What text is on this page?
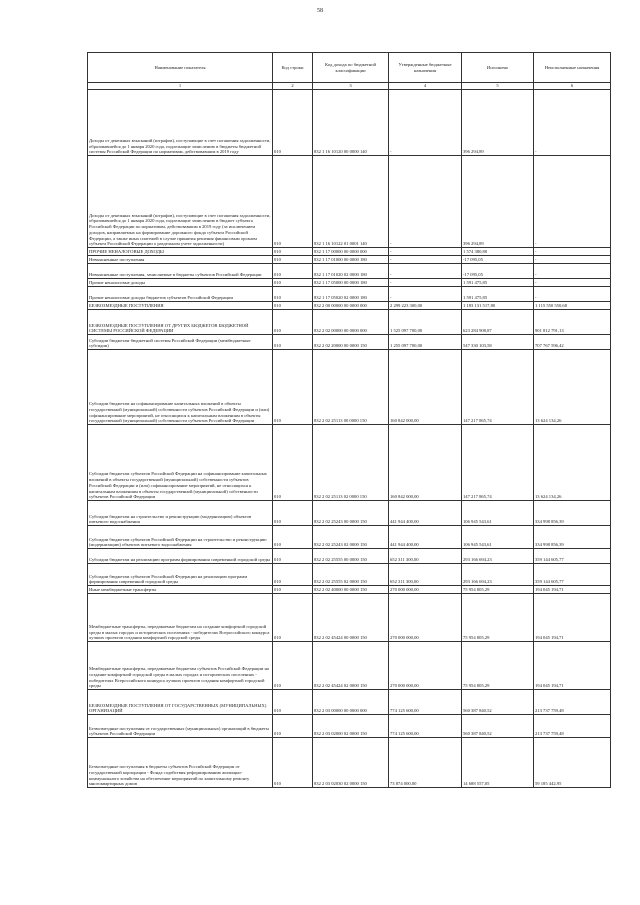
58
Наименование показателя	Код строки	Код дохода по бюджетной классификации	Утвержденные бюджетные назначения	Исполнено	Неисполненные назначения
1	2	3	4	5	6
Доходы от денежных взысканий (штрафов), поступающие в счет погашения задолженности, образовавшейся до 1 января 2020 года, подлежащие зачислению в бюджеты бюджетной системы Российской Федерации по нормативам, действовавшим в 2019 году	010	832 1 16 10120 00 0000 140	-	396 294,89	-
Доходы от денежных взысканий (штрафов), поступающие в счет погашения задолженности, образовавшейся до 1 января 2020 года, подлежащие зачислению в бюджет субъекта Российской Федерации по нормативам, действовавшим в 2019 году (за исключением доходов, направляемых на формирование дорожного фонда субъекта Российской Федерации, а также иных платежей в случае принятия решения финансовым органом субъекта Российской Федерации о раздельном учете задолженности)	010	832 1 16 10122 01 0001 140	-	396 294,89	-
ПРОЧИЕ НЕНАЛОГОВЫЕ ДОХОДЫ	010	832 1 17 00000 00 0000 000	-	1 574 380,80	-
Невыясненные поступления	010	832 1 17 01000 00 0000 180	-	-17 095,05	-
Невыясненные поступления, зачисляемые в бюджеты субъектов Российской Федерации	010	832 1 17 01020 02 0000 180	-	-17 095,05	-
Прочие неналоговые доходы	010	832 1 17 05000 00 0000 180	-	1 591 475,85	-
Прочие неналоговые доходы бюджетов субъектов Российской Федерации	010	832 1 17 05020 02 0000 180	-	1 591 475,85	-
БЕЗВОЗМЕЗДНЫЕ ПОСТУПЛЕНИЯ	010	832 2 00 00000 00 0000 000	2 299 223 300,00	1 183 131 517,80	1 115 550 550,68
БЕЗВОЗМЕЗДНЫЕ ПОСТУПЛЕНИЯ ОТ ДРУГИХ БЮДЖЕТОВ БЮДЖЕТНОЙ СИСТЕМЫ РОССИЙСКОЙ ФЕДЕРАЦИИ	010	832 2 02 00000 00 0000 000	1 525 097 700,00	623 284 908,87	901 812 791,13
Субсидии бюджетам бюджетной системы Российской Федерации (межбюджетные субсидии)	010	832 2 02 20000 00 0000 150	1 255 097 700,00	547 330 103,58	707 767 596,42
Субсидии бюджетам на софинансирование капитальных вложений в объекты государственной (муниципальной) собственности субъектов Российской Федерации и (или) софинансирование мероприятий, не относящихся к капитальным вложениям в объекты государственной (муниципальной) собственности субъектов Российской Федерации	010	832 2 02 25113 00 0000 150	160 842 000,00	147 217 865,74	13 624 134,26
Субсидии бюджетам субъектов Российской Федерации на софинансирование капитальных вложений в объекты государственной (муниципальной) собственности субъектов Российской Федерации и (или) софинансирование мероприятий, не относящихся к капитальным вложениям в объекты государственной (муниципальной) собственности субъектов Российской Федерации	010	832 2 02 25113 02 0000 150	160 842 000,00	147 217 865,74	13 624 134,26
Субсидии бюджетам на строительство и реконструкцию (модернизацию) объектов питьевого водоснабжения	010	832 2 02 25243 00 0000 150	441 944 400,00	106 945 543,61	334 998 856,39
Субсидии бюджетам субъектов Российской Федерации на строительство и реконструкцию (модернизацию) объектов питьевого водоснабжения	010	832 2 02 25243 02 0000 150	441 944 400,00	106 945 543,61	334 998 856,39
Субсидии бюджетам на реализацию программ формирования современной городской среды	010	832 2 02 25555 00 0000 150	652 311 300,00	293 166 694,23	359 144 605,77
Субсидии бюджетам субъектов Российской Федерации на реализацию программ формирования современной городской среды	010	832 2 02 25555 02 0000 150	652 311 300,00	293 166 694,23	359 144 605,77
Иные межбюджетные трансферты	010	832 2 02 40000 00 0000 150	270 000 000,00	75 954 805,29	194 045 194,71
Межбюджетные трансферты, передаваемые бюджетам на создание комфортной городской среды в малых городах и исторических поселениях - победителях Всероссийского конкурса лучших проектов создания комфортной городской среды	010	832 2 02 45424 00 0000 150	270 000 000,00	75 954 805,29	194 045 194,71
Межбюджетные трансферты, передаваемые бюджетам субъектов Российской Федерации на создание комфортной городской среды в малых городах и исторических поселениях - победителях Всероссийского конкурса лучших проектов создания комфортной городской среды	010	832 2 02 45424 02 0000 150	270 000 000,00	75 954 805,29	194 045 194,71
БЕЗВОЗМЕЗДНЫЕ ПОСТУПЛЕНИЯ ОТ ГОСУДАРСТВЕННЫХ (МУНИЦИПАЛЬНЫХ) ОРГАНИЗАЦИЙ	010	832 2 03 00000 00 0000 000	774 125 600,00	560 387 840,52	213 737 759,48
Безвозмездные поступления от государственных (муниципальных) организаций в бюджеты субъектов Российской Федерации	010	832 2 03 02000 02 0000 150	774 125 600,00	560 387 840,52	213 737 759,48
Безвозмездные поступления в бюджеты субъектов Российской Федерации от государственной корпорации - Фонда содействия реформированию жилищно-коммунального хозяйства на обеспечение мероприятий по капитальному ремонту многоквартирных домов	010	832 2 03 02030 02 0000 150	73 874 000,00	14 688 557,05	59 185 442,95
